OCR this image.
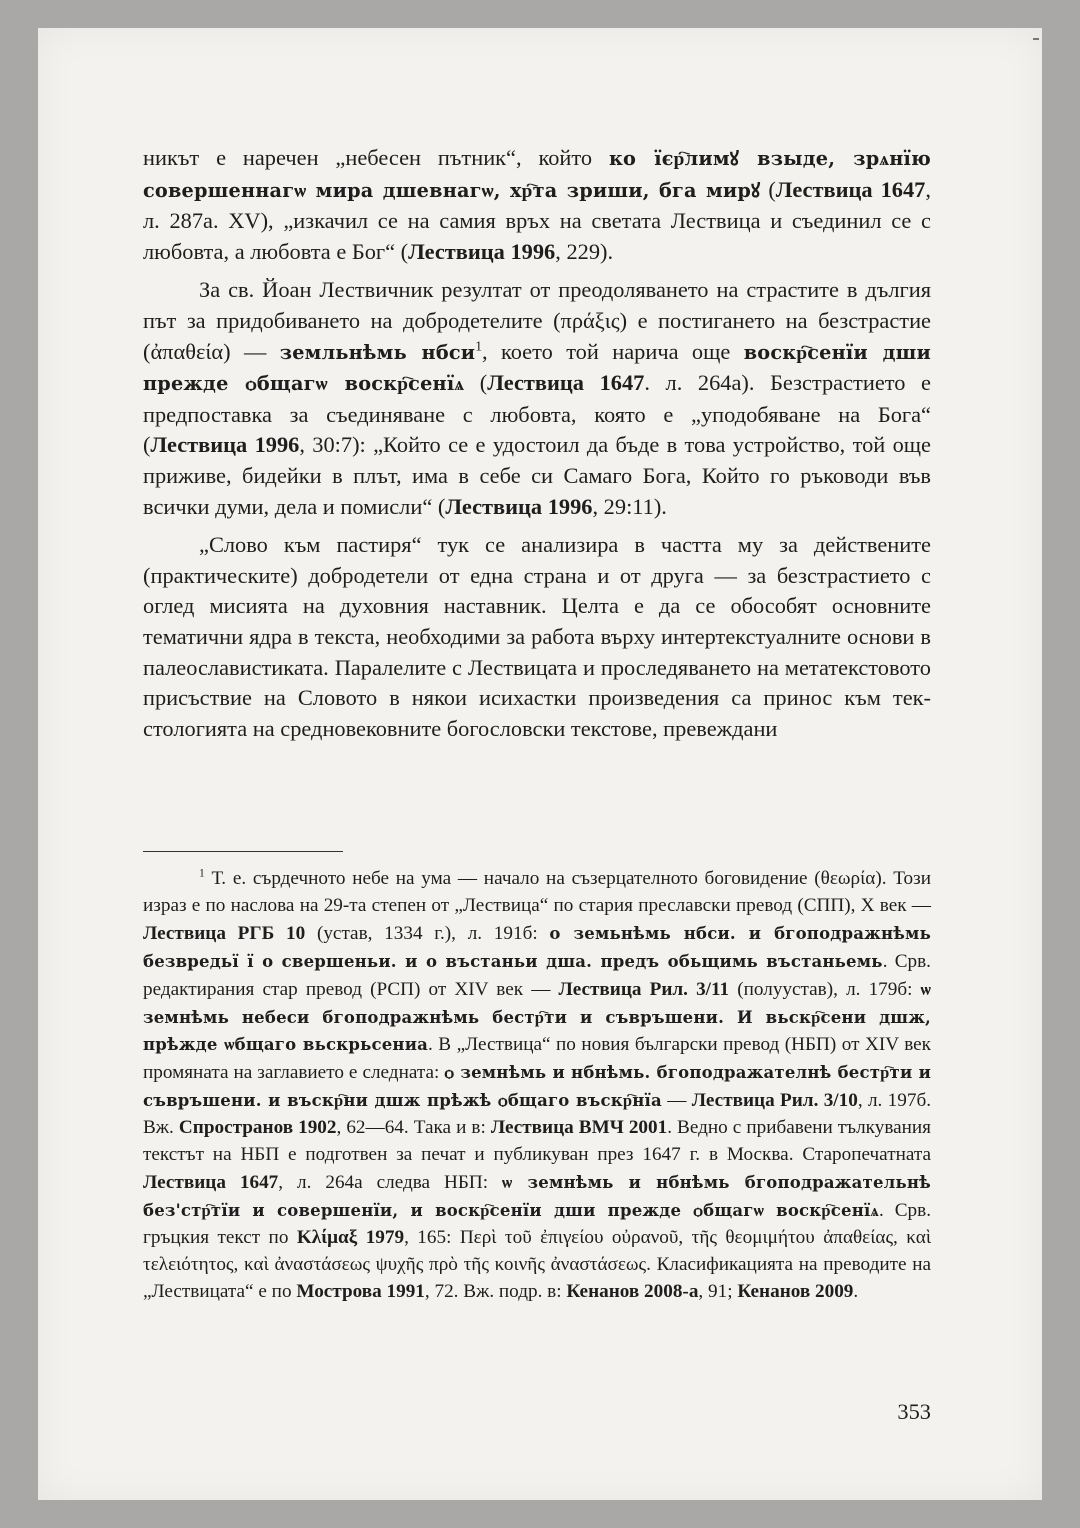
никът е наречен „небесен пътник“, който ко їєр҇лимꙋ взыде, зрѧнїю совершеннагѡ мира дшевнагѡ, хр҇та зриши, бга мирꙋ (Лествица 1647, л. 287а. XV), „изкачил се на самия връх на светата Лествица и съединил се с любовта, а любовта е Бог“ (Лествица 1996, 229).

За св. Йоан Лествичник резултат от преодоляването на страстите в дългия път за придобиването на добродетелите (πράξις) е постигането на безстрастие (ἀπαθεία) — земльнѣмь нбси$^1$, което той нарича още воскр҇сенїи дши прежде ѻбщагѡ воскр҇сенїѧ (Лествица 1647. л. 264а). Безстрастието е предпоставка за съединяване с любовта, която е „уподобяване на Бога“ (Лествица 1996, 30:7): „Който се е удостоил да бъде в това устройство, той още приживе, бидейки в плът, има в себе си Самаго Бога, Който го ръководи във всички думи, дела и помисли“ (Лествица 1996, 29:11).

„Слово към пастиря“ тук се анализира в частта му за действените (практическите) добродетели от една страна и от друга — за безстрастието с оглед мисията на духовния наставник. Целта е да се обособят основните тематични ядра в текста, необходими за работа върху интертекстуалните основи в палеославистиката. Паралелите с Лествицата и проследяването на метатекстовото присъствие на Словото в някои исихастки произведения са принос към текстологията на средновековните богословски текстове, превеждани

$^1$ Т. е. сърдечното небе на ума — начало на съзерцателното боговидение (θεωρία). Този израз е по наслова на 29-та степен от „Лествица“ по стария преславски превод (СПП), X век — Лествица РГБ 10 (устав, 1334 г.), л. 191б: о земьнѣмь нбси. и бгоподражнѣмь безвредьї ї о свершеньи. и о въстаньи дша. предъ обьщимь въстаньемь. Срв. редактирания стар превод (РСП) от XIV век — Лествица Рил. 3/11 (полуустав), л. 179б: ѡ земнѣмь небеси бгоподражнѣмь бестр҇ти и съвръшени. И вьскр҇сени дшж, прѣжде ѡбщаго вьскрьсениа. В „Лествица“ по новия български превод (НБП) от XIV век промяната на заглавието е следната: ѻ земнѣмь и нбнѣмь. бгоподражателнѣ бестр҇ти и съвръшени. и въскр҇ни дшж прѣжѣ ѻбщаго въскр҇нїа — Лествица Рил. 3/10, л. 197б. Вж. Спространов 1902, 62—64. Така и в: Лествица ВМЧ 2001. Ведно с прибавени тълкувания текстът на НБП е подготвен за печат и публикуван през 1647 г. в Москва. Старопечатната Лествица 1647, л. 264а следва НБП: ѡ земнѣмь и нбнѣмь бгоподражательнѣ без'стр҇тїи и совершенїи, и воскр҇сенїи дши прежде ѻбщагѡ воскр҇сенїѧ. Срв. гръцкия текст по Κλίμαξ 1979, 165: Περὶ τοῦ ἐπιγείου οὐρανοῦ, τῆς θεομιμήτου ἀπαθείας, καὶ τελειότητος, καὶ ἀναστάσεως ψυχῆς πρὸ τῆς κοινῆς ἀναστάσεως. Класификацията на преводите на „Лествицата“ е по Мострова 1991, 72. Вж. подр. в: Кенанов 2008-а, 91; Кенанов 2009.

353
